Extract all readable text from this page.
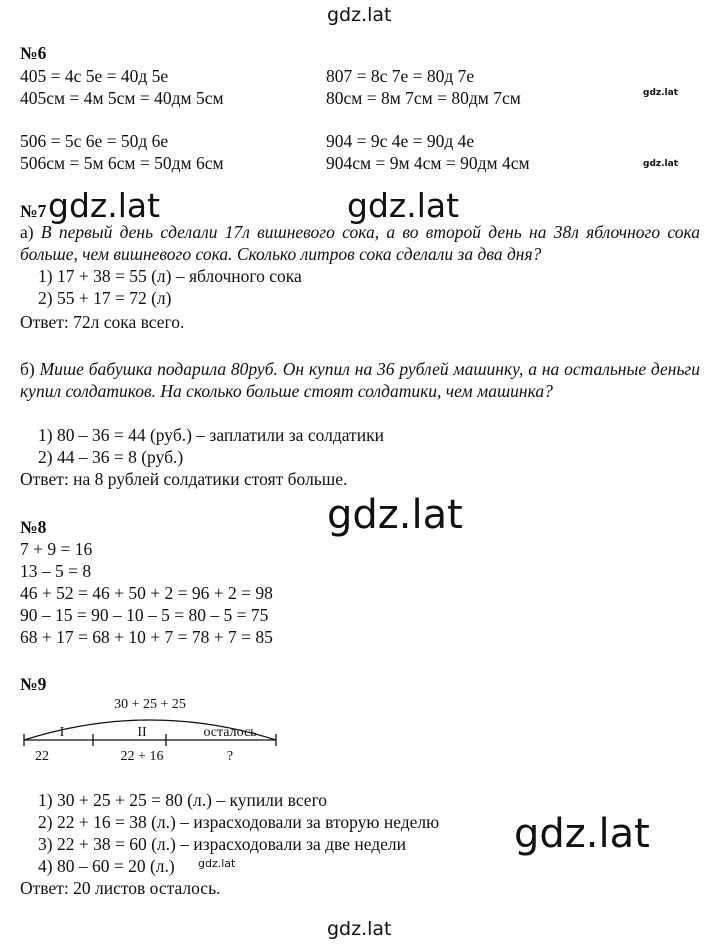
gdz.lat
gdz.lat
gdz.lat
gdz.lat
№6
405 = 4с 5е = 40д 5е	807 = 8с 7е = 80д 7е
405см = 4м 5см = 40дм 5см	80см = 8м 7см = 80дм 7см
506 = 5с 6е = 50д 6е	904 = 9с 4е = 90д 4е
506см = 5м 6см = 50дм 6см	904см = 9м 4см = 90дм 4см
№7 gdz.lat	gdz.lat
а) В первый день сделали 17л вишневого сока, а во второй день на 38л яблочного сока больше, чем вишневого сока. Сколько литров сока сделали за два дня?
1) 17 + 38 = 55 (л) – яблочного сока
2) 55 + 17 = 72 (л)
Ответ: 72л сока всего.
б) Мише бабушка подарила 80руб. Он купил на 36 рублей машинку, а на остальные деньги купил солдатиков. На сколько больше стоят солдатики, чем машинка?
1) 80 – 36 = 44 (руб.) – заплатили за солдатики
2) 44 – 36 = 8 (руб.)
Ответ: на 8 рублей солдатики стоят больше.
gdz.lat
№8
7 + 9 = 16
13 – 5 = 8
46 + 52 = 46 + 50 + 2 = 96 + 2 = 98
90 – 15 = 90 – 10 – 5 = 80 – 5 = 75
68 + 17 = 68 + 10 + 7 = 78 + 7 = 85
№9
30 + 25 + 25
I	II	осталось
22	22 + 16	?
1) 30 + 25 + 25 = 80 (л.) – купили всего
2) 22 + 16 = 38 (л.) – израсходовали за вторую неделю
3) 22 + 38 = 60 (л.) – израсходовали за две недели
4) 80 – 60 = 20 (л.) gdz.lat
gdz.lat
Ответ: 20 листов осталось.
